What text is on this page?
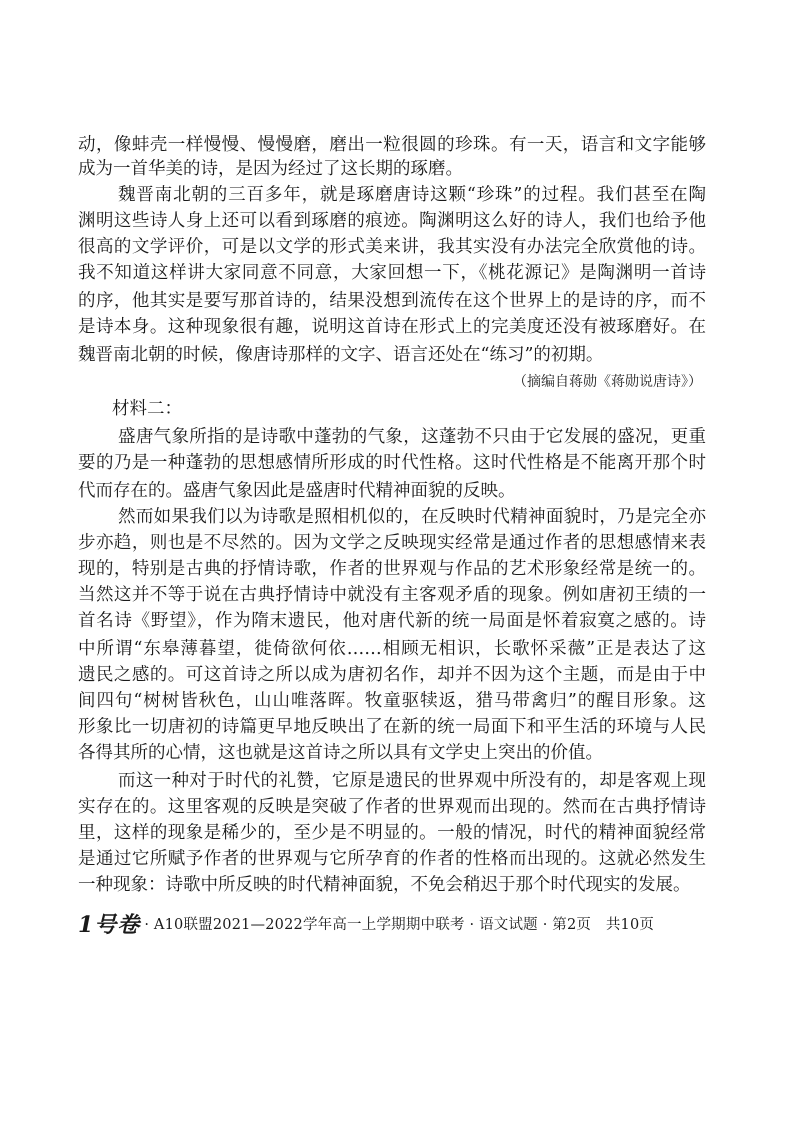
动，像蚌壳一样慢慢、慢慢磨，磨出一粒很圆的珍珠。有一天，语言和文字能够
成为一首华美的诗，是因为经过了这长期的琢磨。
魏晋南北朝的三百多年，就是琢磨唐诗这颗“珍珠”的过程。我们甚至在陶
渊明这些诗人身上还可以看到琢磨的痕迹。陶渊明这么好的诗人，我们也给予他
很高的文学评价，可是以文学的形式美来讲，我其实没有办法完全欣赏他的诗。
我不知道这样讲大家同意不同意，大家回想一下，《桃花源记》是陶渊明一首诗
的序，他其实是要写那首诗的，结果没想到流传在这个世界上的是诗的序，而不
是诗本身。这种现象很有趣，说明这首诗在形式上的完美度还没有被琢磨好。在
魏晋南北朝的时候，像唐诗那样的文字、语言还处在“练习”的初期。
（摘编自蒋勋《蒋勋说唐诗》）
材料二：
盛唐气象所指的是诗歌中蓬勃的气象，这蓬勃不只由于它发展的盛况，更重
要的乃是一种蓬勃的思想感情所形成的时代性格。这时代性格是不能离开那个时
代而存在的。盛唐气象因此是盛唐时代精神面貌的反映。
然而如果我们以为诗歌是照相机似的，在反映时代精神面貌时，乃是完全亦
步亦趋，则也是不尽然的。因为文学之反映现实经常是通过作者的思想感情来表
现的，特别是古典的抒情诗歌，作者的世界观与作品的艺术形象经常是统一的。
当然这并不等于说在古典抒情诗中就没有主客观矛盾的现象。例如唐初王绩的一
首名诗《野望》，作为隋末遗民，他对唐代新的统一局面是怀着寂寞之感的。诗
中所谓“东皋薄暮望，徙倚欲何依……相顾无相识，长歌怀采薇”正是表达了这
遗民之感的。可这首诗之所以成为唐初名作，却并不因为这个主题，而是由于中
间四句“树树皆秋色，山山唯落晖。牧童驱犊返，猎马带禽归”的醒目形象。这
形象比一切唐初的诗篇更早地反映出了在新的统一局面下和平生活的环境与人民
各得其所的心情，这也就是这首诗之所以具有文学史上突出的价值。
而这一种对于时代的礼赞，它原是遗民的世界观中所没有的，却是客观上现
实存在的。这里客观的反映是突破了作者的世界观而出现的。然而在古典抒情诗
里，这样的现象是稀少的，至少是不明显的。一般的情况，时代的精神面貌经常
是通过它所赋予作者的世界观与它所孕育的作者的性格而出现的。这就必然发生
一种现象：诗歌中所反映的时代精神面貌，不免会稍迟于那个时代现实的发展。
1号卷 · A10联盟2021—2022学年高一上学期期中联考 · 语文试题 · 第2页　共10页
